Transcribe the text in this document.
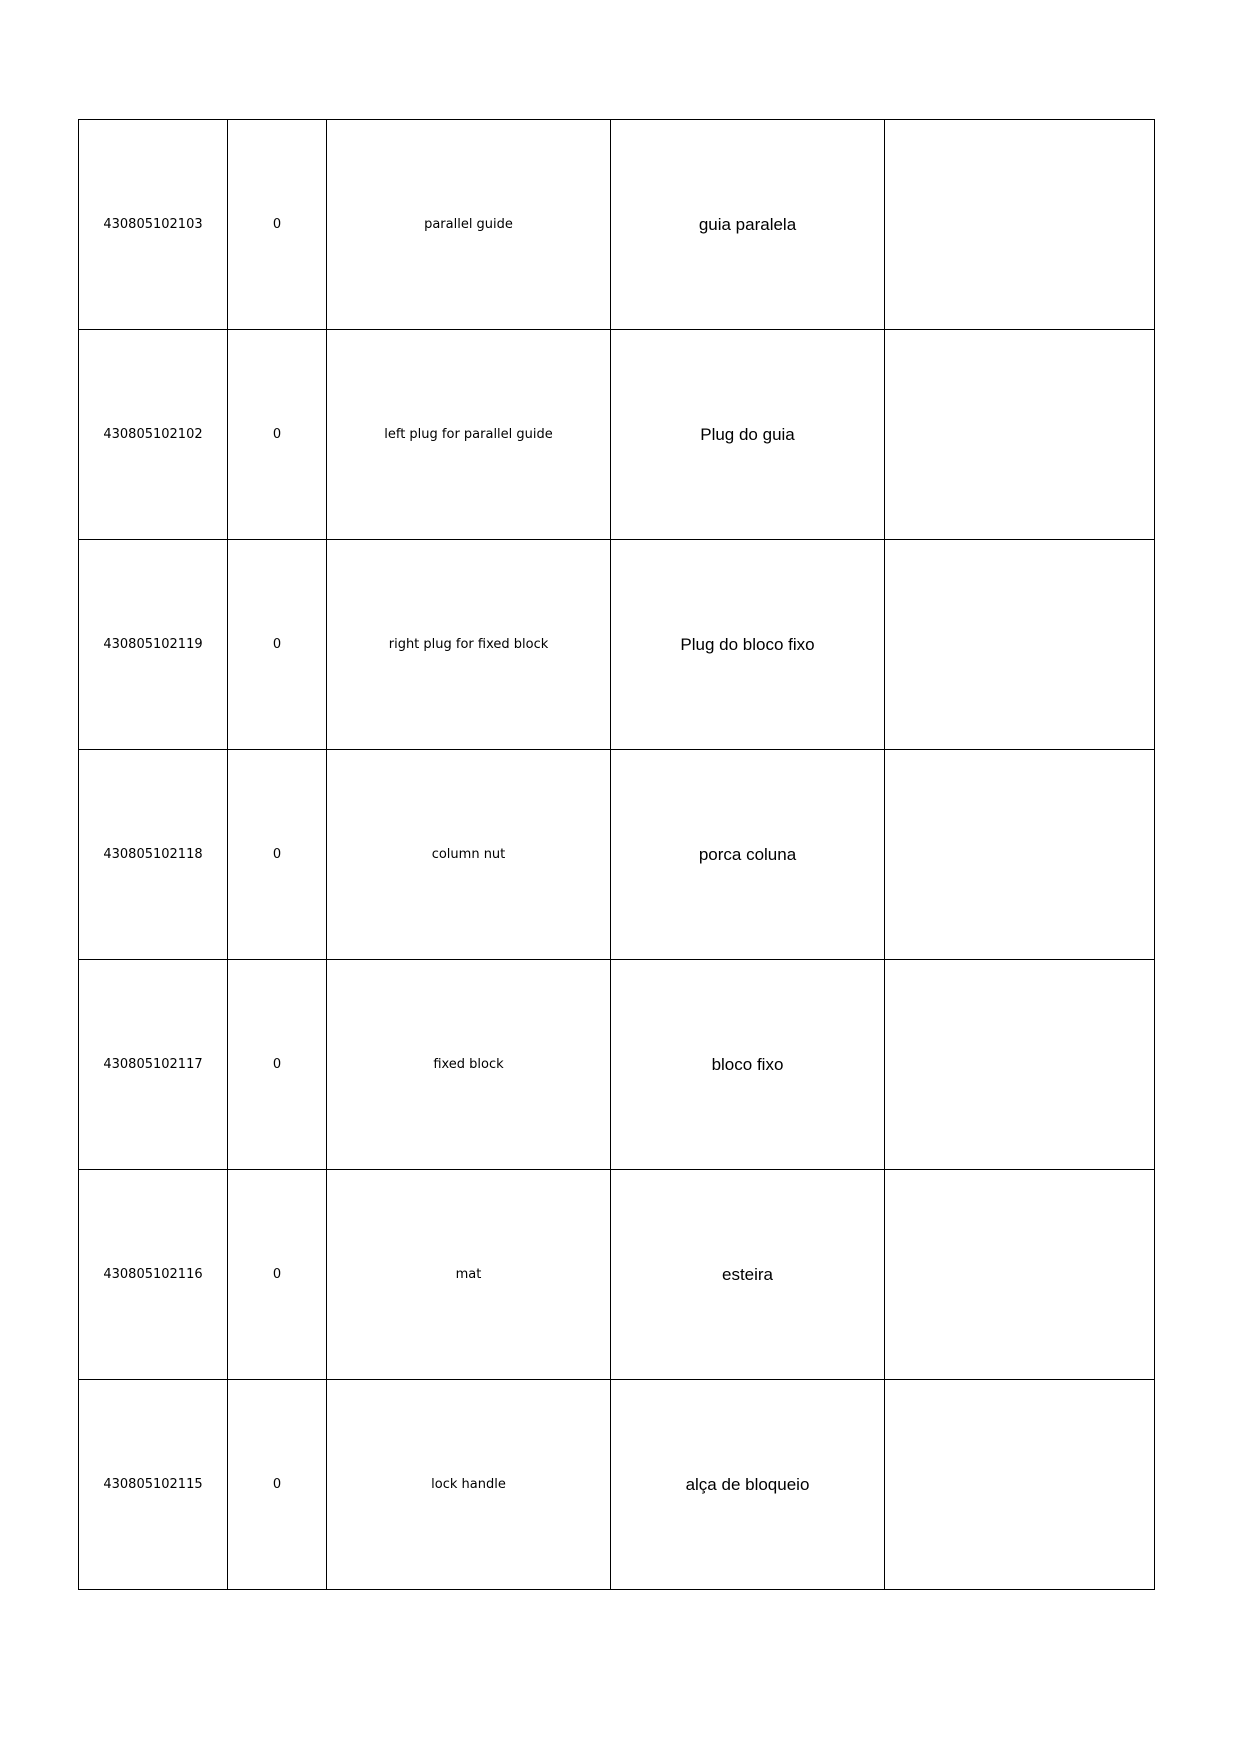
430805102103	0	parallel guide	guia paralela	
430805102102	0	left plug for parallel guide	Plug do guia	
430805102119	0	right plug for fixed block	Plug do bloco fixo	
430805102118	0	column nut	porca coluna	
430805102117	0	fixed block	bloco fixo	
430805102116	0	mat	esteira	
430805102115	0	lock handle	alça de bloqueio	
